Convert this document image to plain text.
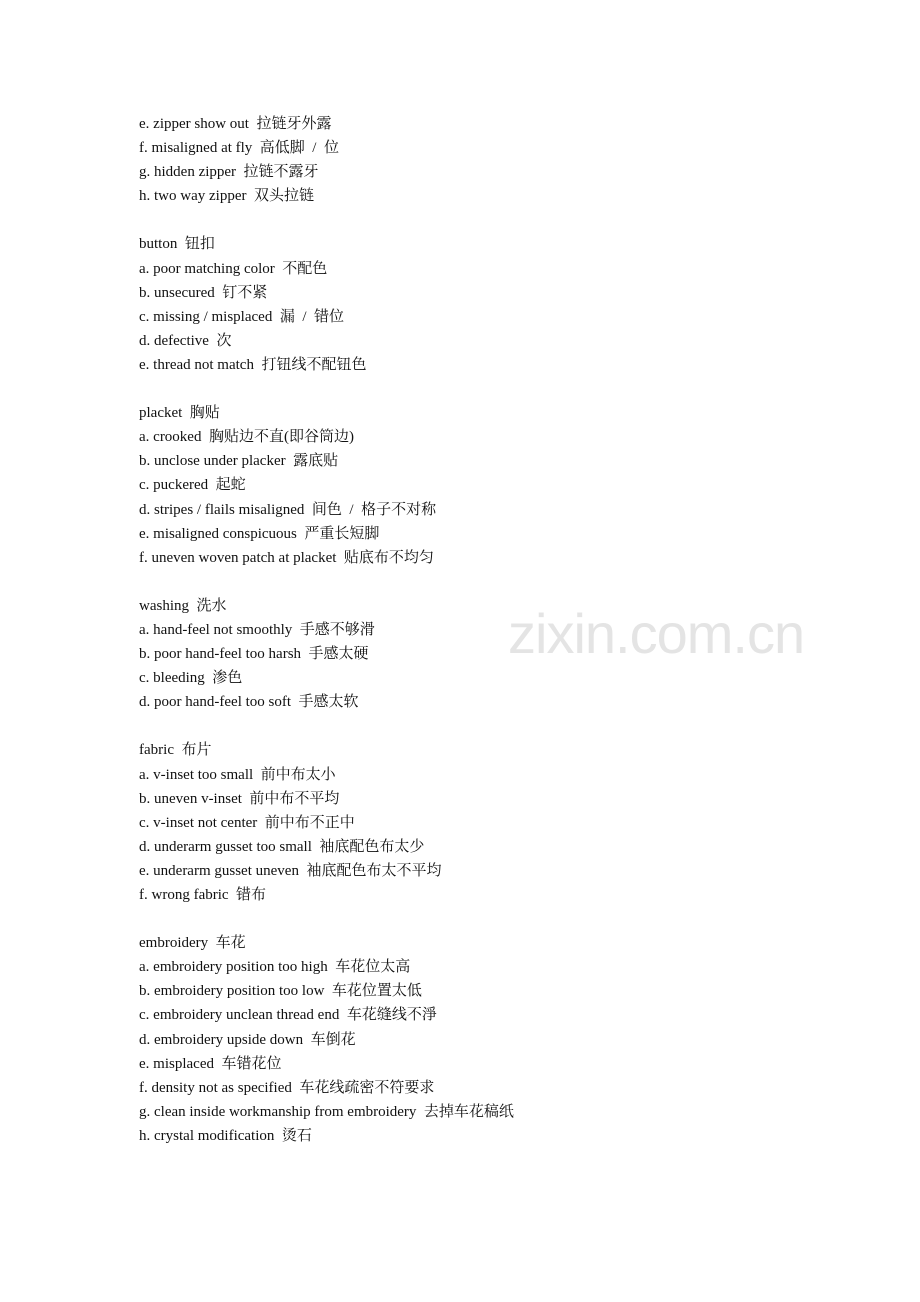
zixin.com.cn
e. zipper show out  拉链牙外露
f. misaligned at fly  高低脚  /  位
g. hidden zipper  拉链不露牙
h. two way zipper  双头拉链
button  钮扣
a. poor matching color  不配色
b. unsecured  钉不紧
c. missing / misplaced  漏  /  错位
d. defective  次
e. thread not match  打钮线不配钮色
placket  胸贴
a. crooked  胸贴边不直(即谷筒边)
b. unclose under placker  露底贴
c. puckered  起蛇
d. stripes / flails misaligned  间色  /  格子不对称
e. misaligned conspicuous  严重长短脚
f. uneven woven patch at placket  贴底布不均匀
washing  洗水
a. hand-feel not smoothly  手感不够滑
b. poor hand-feel too harsh  手感太硬
c. bleeding  渗色
d. poor hand-feel too soft  手感太软
fabric  布片
a. v-inset too small  前中布太小
b. uneven v-inset  前中布不平均
c. v-inset not center  前中布不正中
d. underarm gusset too small  袖底配色布太少
e. underarm gusset uneven  袖底配色布太不平均
f. wrong fabric  错布
embroidery  车花
a. embroidery position too high  车花位太高
b. embroidery position too low  车花位置太低
c. embroidery unclean thread end  车花缝线不淨
d. embroidery upside down  车倒花
e. misplaced  车错花位
f. density not as specified  车花线疏密不符要求
g. clean inside workmanship from embroidery  去掉车花稿纸
h. crystal modification  烫石
